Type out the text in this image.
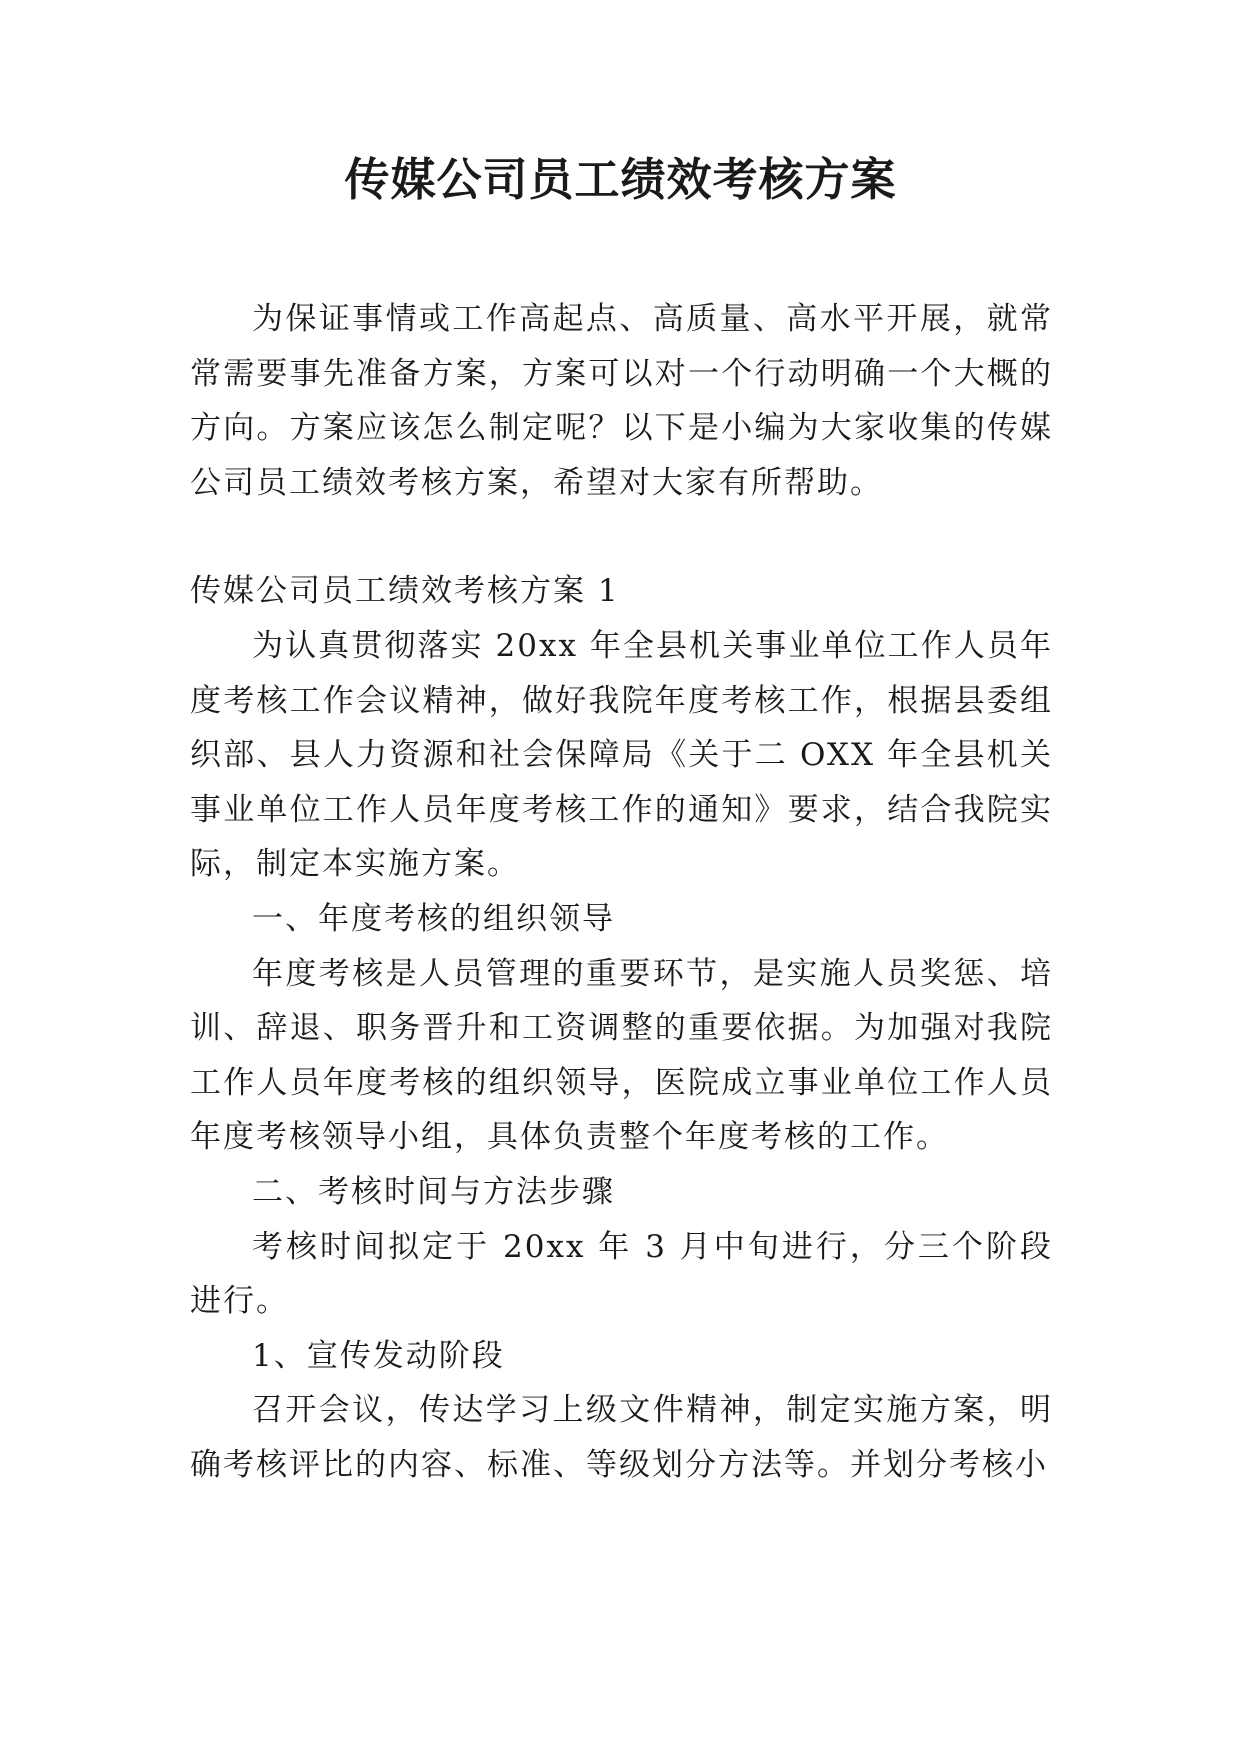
传媒公司员工绩效考核方案

为保证事情或工作高起点、高质量、高水平开展，就常常需要事先准备方案，方案可以对一个行动明确一个大概的方向。方案应该怎么制定呢？以下是小编为大家收集的传媒公司员工绩效考核方案，希望对大家有所帮助。

传媒公司员工绩效考核方案 1

为认真贯彻落实 20xx 年全县机关事业单位工作人员年度考核工作会议精神，做好我院年度考核工作，根据县委组织部、县人力资源和社会保障局《关于二 OXX 年全县机关事业单位工作人员年度考核工作的通知》要求，结合我院实际，制定本实施方案。

一、年度考核的组织领导

年度考核是人员管理的重要环节，是实施人员奖惩、培训、辞退、职务晋升和工资调整的重要依据。为加强对我院工作人员年度考核的组织领导，医院成立事业单位工作人员年度考核领导小组，具体负责整个年度考核的工作。

二、考核时间与方法步骤

考核时间拟定于 20xx 年 3 月中旬进行，分三个阶段进行。

1、宣传发动阶段

召开会议，传达学习上级文件精神，制定实施方案，明确考核评比的内容、标准、等级划分方法等。并划分考核小
